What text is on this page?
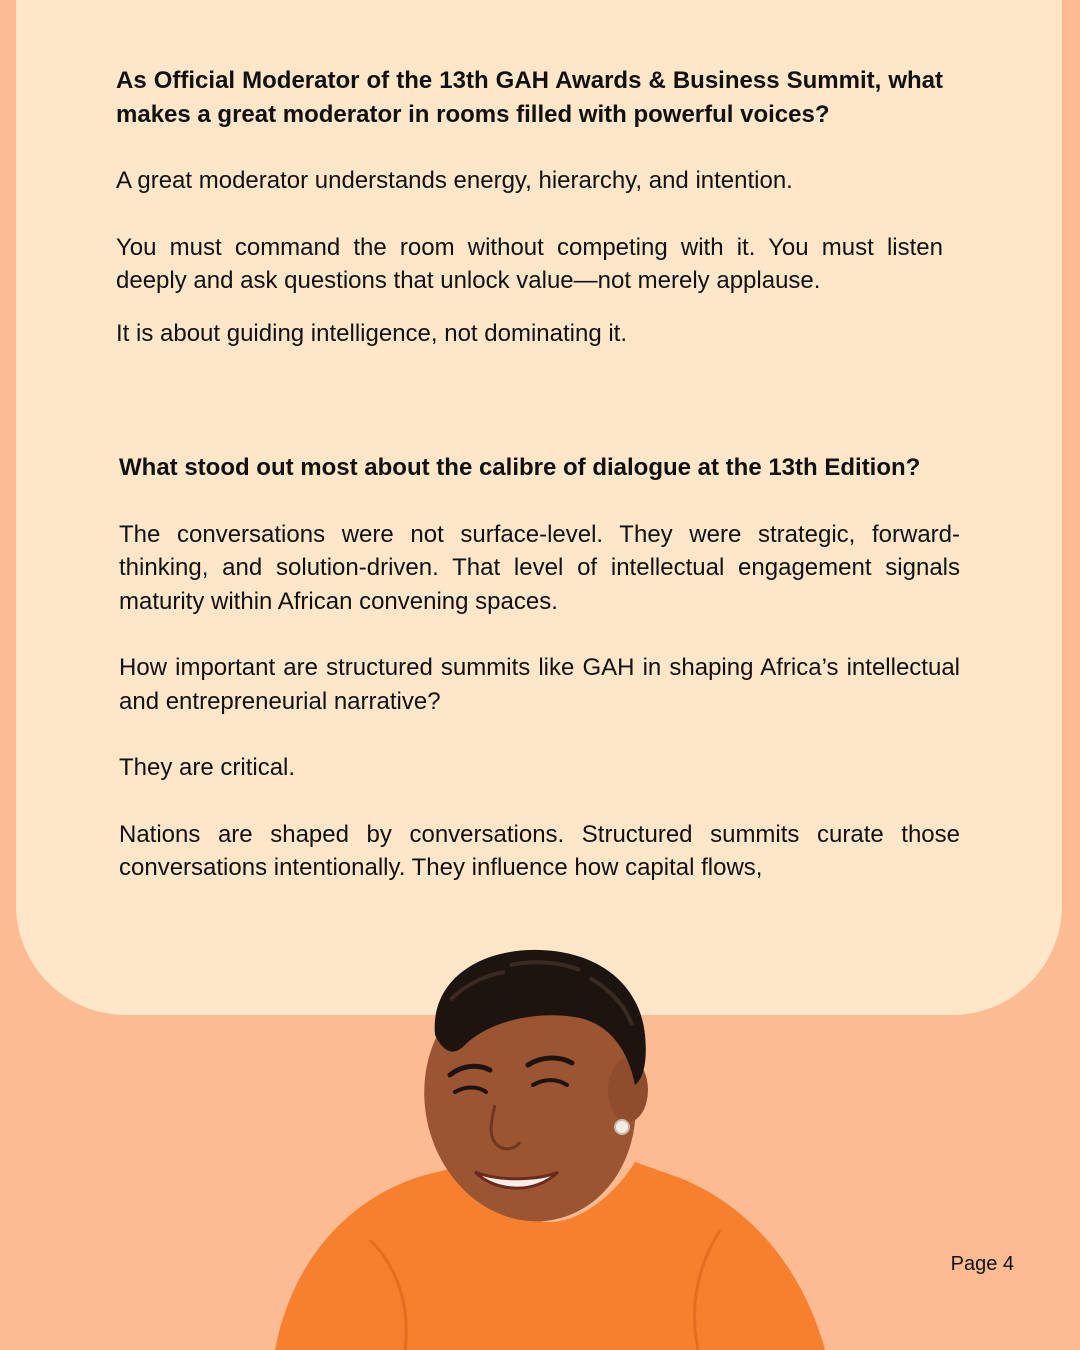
As Official Moderator of the 13th GAH Awards & Business Summit, what makes a great moderator in rooms filled with powerful voices?

A great moderator understands energy, hierarchy, and intention.

You must command the room without competing with it. You must listen deeply and ask questions that unlock value—not merely applause.

It is about guiding intelligence, not dominating it.

What stood out most about the calibre of dialogue at the 13th Edition?

The conversations were not surface-level. They were strategic, forward-thinking, and solution-driven. That level of intellectual engagement signals maturity within African convening spaces.

How important are structured summits like GAH in shaping Africa’s intellectual and entrepreneurial narrative?

They are critical.

Nations are shaped by conversations. Structured summits curate those conversations intentionally. They influence how capital flows,

Page 4
